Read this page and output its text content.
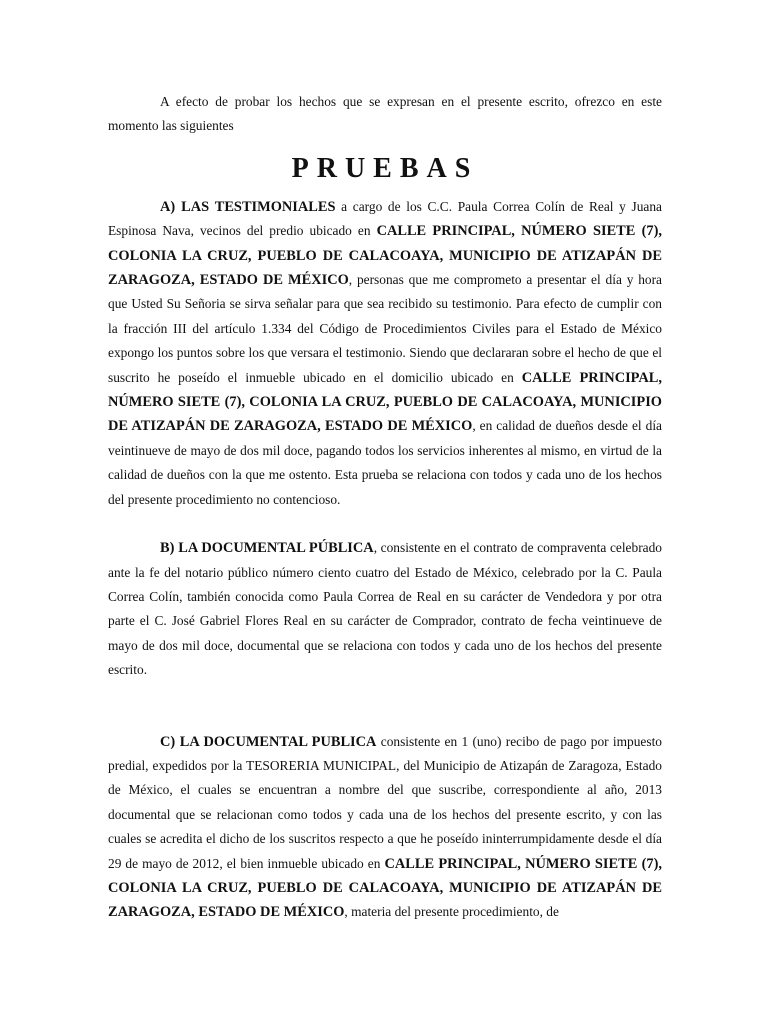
A efecto de probar los hechos que se expresan en el presente escrito, ofrezco en este momento las siguientes

PRUEBAS

A) LAS TESTIMONIALES a cargo de los C.C. Paula Correa Colín de Real y Juana Espinosa Nava, vecinos del predio ubicado en CALLE PRINCIPAL, NÚMERO SIETE (7), COLONIA LA CRUZ, PUEBLO DE CALACOAYA, MUNICIPIO DE ATIZAPÁN DE ZARAGOZA, ESTADO DE MÉXICO, personas que me comprometo a presentar el día y hora que Usted Su Señoria se sirva señalar para que sea recibido su testimonio. Para efecto de cumplir con la fracción III del artículo 1.334 del Código de Procedimientos Civiles para el Estado de México expongo los puntos sobre los que versara el testimonio. Siendo que declararan sobre el hecho de que el suscrito he poseído el inmueble ubicado en el domicilio ubicado en CALLE PRINCIPAL, NÚMERO SIETE (7), COLONIA LA CRUZ, PUEBLO DE CALACOAYA, MUNICIPIO DE ATIZAPÁN DE ZARAGOZA, ESTADO DE MÉXICO, en calidad de dueños desde el día veintinueve de mayo de dos mil doce, pagando todos los servicios inherentes al mismo, en virtud de la calidad de dueños con la que me ostento. Esta prueba se relaciona con todos y cada uno de los hechos del presente procedimiento no contencioso.

B) LA DOCUMENTAL PÚBLICA, consistente en el contrato de compraventa celebrado ante la fe del notario público número ciento cuatro del Estado de México, celebrado por la C. Paula Correa Colín, también conocida como Paula Correa de Real en su carácter de Vendedora y por otra parte el C. José Gabriel Flores Real en su carácter de Comprador, contrato de fecha veintinueve de mayo de dos mil doce, documental que se relaciona con todos y cada uno de los hechos del presente escrito.

C) LA DOCUMENTAL PUBLICA consistente en 1 (uno) recibo de pago por impuesto predial, expedidos por la TESORERIA MUNICIPAL, del Municipio de Atizapán de Zaragoza, Estado de México, el cuales se encuentran a nombre del que suscribe, correspondiente al año, 2013 documental que se relacionan como todos y cada una de los hechos del presente escrito, y con las cuales se acredita el dicho de los suscritos respecto a que he poseído ininterrumpidamente desde el día 29 de mayo de 2012, el bien inmueble ubicado en CALLE PRINCIPAL, NÚMERO SIETE (7), COLONIA LA CRUZ, PUEBLO DE CALACOAYA, MUNICIPIO DE ATIZAPÁN DE ZARAGOZA, ESTADO DE MÉXICO, materia del presente procedimiento, de
